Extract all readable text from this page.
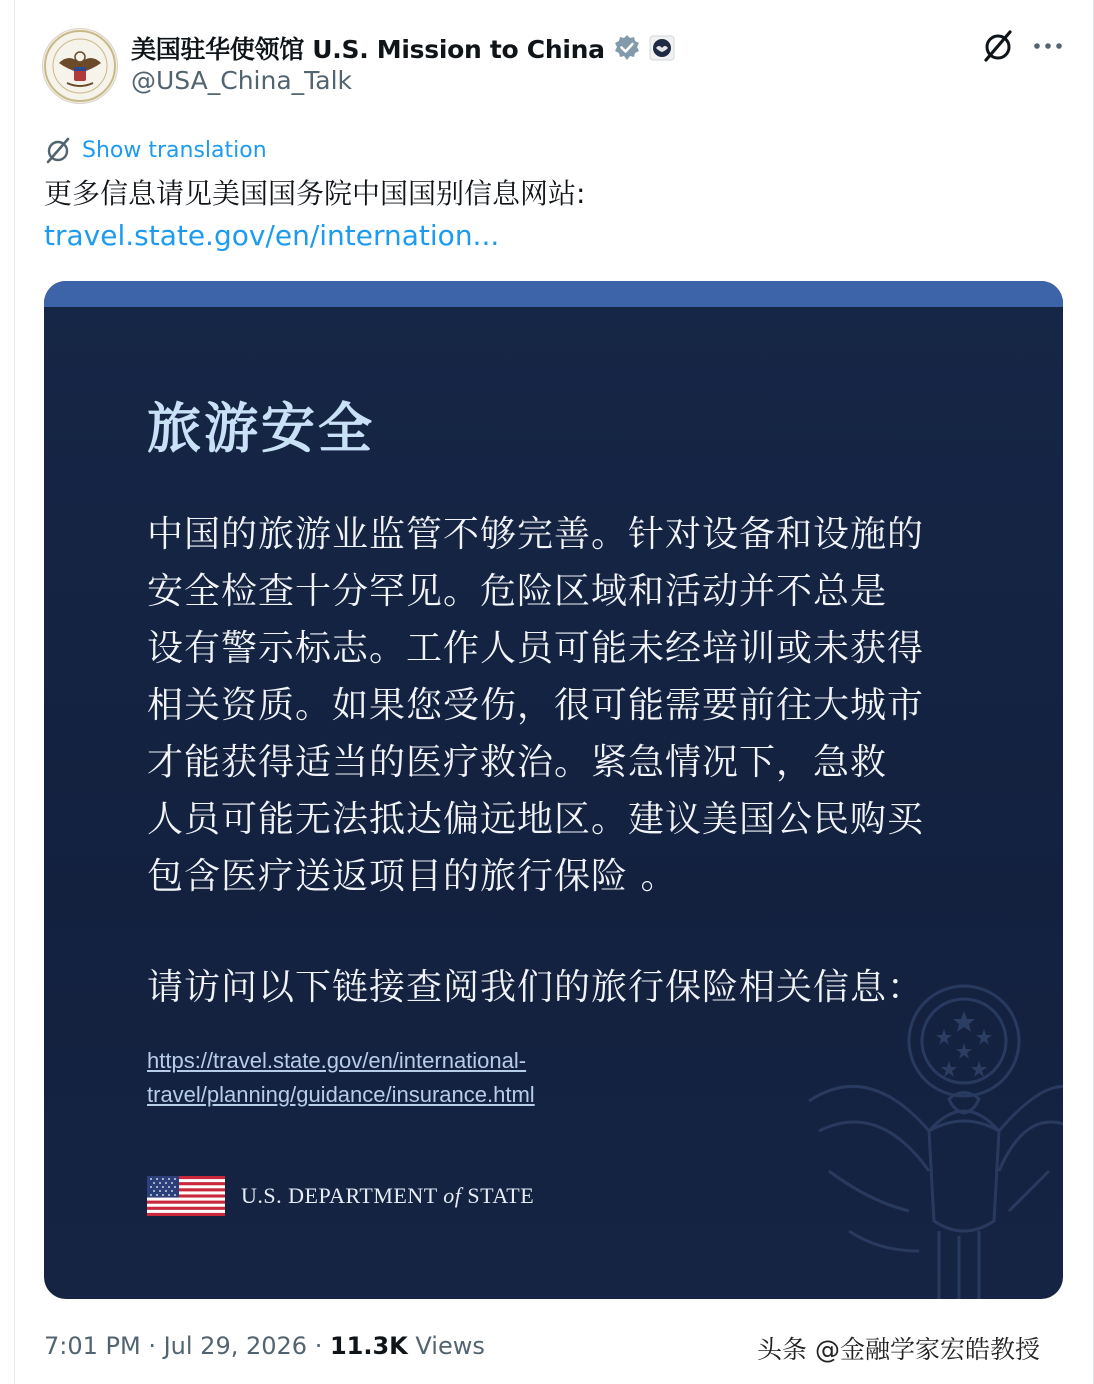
美国驻华使领馆 U.S. Mission to China
@USA_China_Talk
Show translation
更多信息请见美国国务院中国国别信息网站:
travel.state.gov/en/internation...
旅游安全
中国的旅游业监管不够完善。针对设备和设施的
安全检查十分罕见。危险区域和活动并不总是
设有警示标志。工作人员可能未经培训或未获得
相关资质。如果您受伤，很可能需要前往大城市
才能获得适当的医疗救治。紧急情况下，急救
人员可能无法抵达偏远地区。建议美国公民购买
包含医疗送返项目的旅行保险 。
请访问以下链接查阅我们的旅行保险相关信息：
https://travel.state.gov/en/international-
travel/planning/guidance/insurance.html
U.S. DEPARTMENT of STATE
7:01 PM · Jul 29, 2026 · 11.3K Views	头条 @金融学家宏皓教授
